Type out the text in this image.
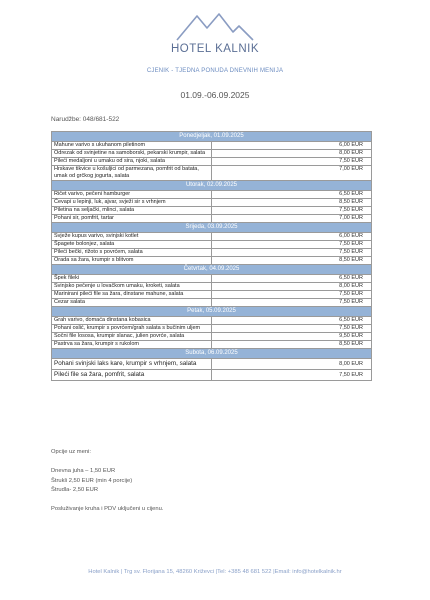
HOTEL KALNIK
CJENIK - TJEDNA PONUDA DNEVNIH MENIJA
01.09.-06.09.2025
Narudžbe: 048/681-522
Ponedjeljak, 01.09.2025	
Mahune varivo s ukuhanom piletinom	6,00 EUR
Odrezak od svinjetine na samoborski, pekarski krumpir, salata	8,00 EUR
Pileći medaljoni u umaku od sira, njoki, salata	7,50 EUR
Hrskave tikvice u košuljici od parmezana, pomfrit od batata, umak od grčkog jogurta, salata	7,00 EUR
Utorak, 02.09.2025	
Ričet varivo, pečeni hamburger	6,50 EUR
Ćevapi u lepinji, luk, ajvar, svježi sir s vrhnjem	8,50 EUR
Piletina na seljački, mlinci, salata	7,50 EUR
Pohani sir, pomfrit, tartar	7,00 EUR
Srijeda, 03.09.2025	
Svježe kupus varivo, svinjski kotlet	6,00 EUR
Špagete bolonjez, salata	7,50 EUR
Pileći bečki, rižoto s povrćem, salata	7,50 EUR
Orada sa žara, krumpir s blitvom	8,50 EUR
Četvrtak, 04.09.2025	
Špek fileki	6,50 EUR
Svinjsko pečenje u lovačkom umaku, kroketi, salata	8,00 EUR
Marinirani pileći file sa žara, dinstane mahune, salata	7,50 EUR
Cezar salata	7,50 EUR
Petak, 05.09.2025	
Grah varivo, domaća dinstana kobasica	6,50 EUR
Pohani oslić, krumpir s povrćem/grah salata s bučinim uljem	7,50 EUR
Sočni file lososa, krumpir slanac, julien povrće, salata	9,50 EUR
Pastrva sa žara, krumpir s rukolom	8,50 EUR
Subota, 06.09.2025	
Pohani svinjski laks kare, krumpir s vrhnjem, salata	8,00 EUR
Pileći file sa žara, pomfrit, salata	7,50 EUR

Opcije uz meni:

Dnevna juha – 1,50 EUR

Štrukli 2,50 EUR (min 4 porcije)

Štrudla- 2,50 EUR

Posluživanje kruha i PDV uključeni u cijenu.

Hotel Kalnik | Trg sv. Florijana 15, 48260 Križevci |Tel: +385 48 681 522 |Email: info@hotelkalnik.hr
